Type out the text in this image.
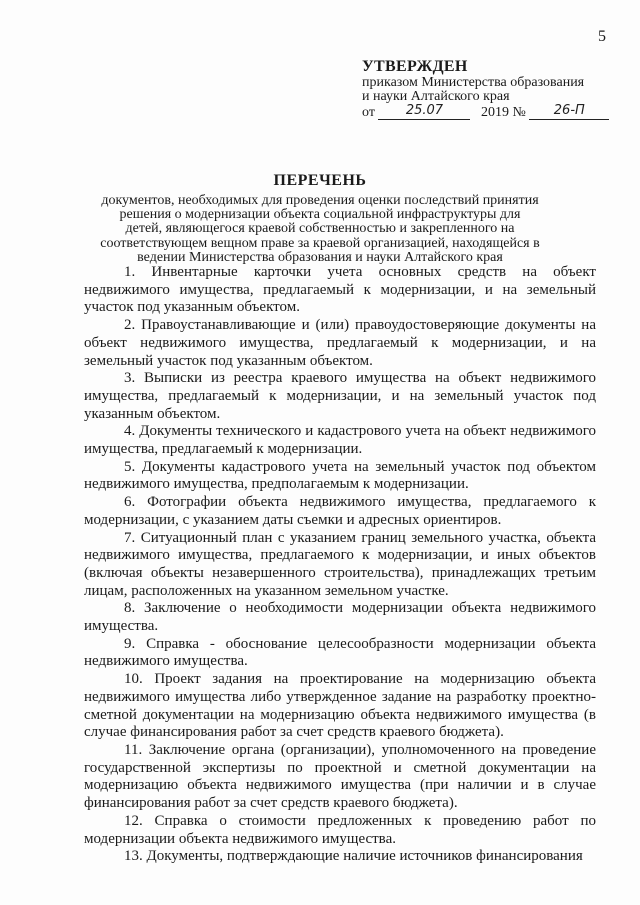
5
УТВЕРЖДЕН
приказом Министерства образования
и науки Алтайского края
от
	25.07
	2019 №
	26-П
ПЕРЕЧЕНЬ
документов, необходимых для проведения оценки последствий принятия решения о модернизации объекта социальной инфраструктуры для детей, являющегося краевой собственностью и закрепленного на соответствующем вещном праве за краевой организацией, находящейся в ведении Министерства образования и науки Алтайского края

1. Инвентарные карточки учета основных средств на объект недвижимого имущества, предлагаемый к модернизации, и на земельный участок под указанным объектом.

2. Правоустанавливающие и (или) правоудостоверяющие документы на объект недвижимого имущества, предлагаемый к модернизации, и на земельный участок под указанным объектом.

3. Выписки из реестра краевого имущества на объект недвижимого имущества, предлагаемый к модернизации, и на земельный участок под указанным объектом.

4. Документы технического и кадастрового учета на объект недвижимого имущества, предлагаемый к модернизации.

5. Документы кадастрового учета на земельный участок под объектом недвижимого имущества, предполагаемым к модернизации.

6. Фотографии объекта недвижимого имущества, предлагаемого к модернизации, с указанием даты съемки и адресных ориентиров.

7. Ситуационный план с указанием границ земельного участка, объекта недвижимого имущества, предлагаемого к модернизации, и иных объектов (включая объекты незавершенного строительства), принадлежащих третьим лицам, расположенных на указанном земельном участке.

8. Заключение о необходимости модернизации объекта недвижимого имущества.

9. Справка - обоснование целесообразности модернизации объекта недвижимого имущества.

10. Проект задания на проектирование на модернизацию объекта недвижимого имущества либо утвержденное задание на разработку проектно-сметной документации на модернизацию объекта недвижимого имущества (в случае финансирования работ за счет средств краевого бюджета).

11. Заключение органа (организации), уполномоченного на проведение государственной экспертизы по проектной и сметной документации на модернизацию объекта недвижимого имущества (при наличии и в случае финансирования работ за счет средств краевого бюджета).

12. Справка о стоимости предложенных к проведению работ по модернизации объекта недвижимого имущества.

13. Документы, подтверждающие наличие источников финансирования
